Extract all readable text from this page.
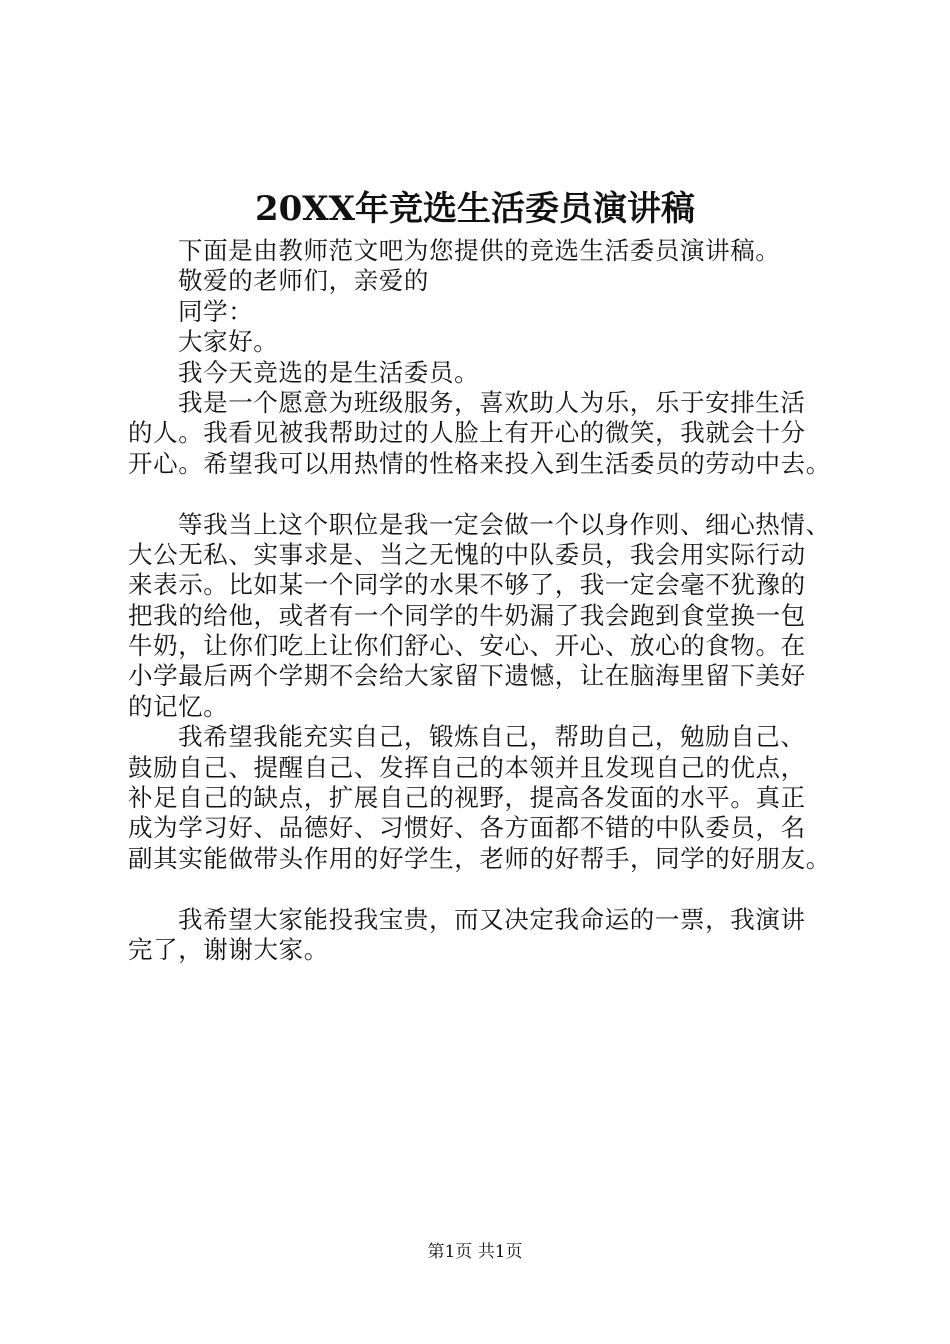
20XX年竞选生活委员演讲稿
下面是由教师范文吧为您提供的竞选生活委员演讲稿。
敬爱的老师们，亲爱的
同学：
大家好。
我今天竞选的是生活委员。
我是一个愿意为班级服务，喜欢助人为乐，乐于安排生活
的人。我看见被我帮助过的人脸上有开心的微笑，我就会十分
开心。希望我可以用热情的性格来投入到生活委员的劳动中去。
等我当上这个职位是我一定会做一个以身作则、细心热情、
大公无私、实事求是、当之无愧的中队委员，我会用实际行动
来表示。比如某一个同学的水果不够了，我一定会毫不犹豫的
把我的给他，或者有一个同学的牛奶漏了我会跑到食堂换一包
牛奶，让你们吃上让你们舒心、安心、开心、放心的食物。在
小学最后两个学期不会给大家留下遗憾，让在脑海里留下美好
的记忆。
我希望我能充实自己，锻炼自己，帮助自己，勉励自己、
鼓励自己、提醒自己、发挥自己的本领并且发现自己的优点，
补足自己的缺点，扩展自己的视野，提高各发面的水平。真正
成为学习好、品德好、习惯好、各方面都不错的中队委员，名
副其实能做带头作用的好学生，老师的好帮手，同学的好朋友。
我希望大家能投我宝贵，而又决定我命运的一票，我演讲
完了，谢谢大家。
第1页 共1页
